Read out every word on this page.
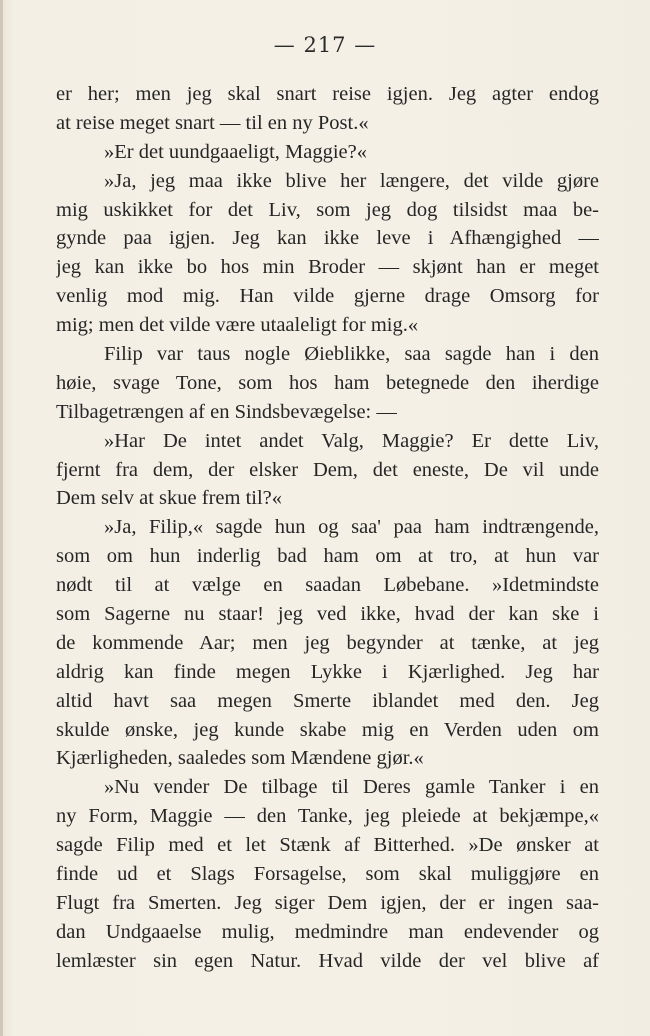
— 217 —
er her; men jeg skal snart reise igjen. Jeg agter endog
at reise meget snart — til en ny Post.«
»Er det uundgaaeligt, Maggie?«
»Ja, jeg maa ikke blive her længere, det vilde gjøre
mig uskikket for det Liv, som jeg dog tilsidst maa be-
gynde paa igjen. Jeg kan ikke leve i Afhængighed —
jeg kan ikke bo hos min Broder — skjønt han er meget
venlig mod mig. Han vilde gjerne drage Omsorg for
mig; men det vilde være utaaleligt for mig.«
Filip var taus nogle Øieblikke, saa sagde han i den
høie, svage Tone, som hos ham betegnede den iherdige
Tilbagetrængen af en Sindsbevægelse: —
»Har De intet andet Valg, Maggie? Er dette Liv,
fjernt fra dem, der elsker Dem, det eneste, De vil unde
Dem selv at skue frem til?«
»Ja, Filip,« sagde hun og saa' paa ham indtrængende,
som om hun inderlig bad ham om at tro, at hun var
nødt til at vælge en saadan Løbebane. »Idetmindste
som Sagerne nu staar! jeg ved ikke, hvad der kan ske i
de kommende Aar; men jeg begynder at tænke, at jeg
aldrig kan finde megen Lykke i Kjærlighed. Jeg har
altid havt saa megen Smerte iblandet med den. Jeg
skulde ønske, jeg kunde skabe mig en Verden uden om
Kjærligheden, saaledes som Mændene gjør.«
»Nu vender De tilbage til Deres gamle Tanker i en
ny Form, Maggie — den Tanke, jeg pleiede at bekjæmpe,«
sagde Filip med et let Stænk af Bitterhed. »De ønsker at
finde ud et Slags Forsagelse, som skal muliggjøre en
Flugt fra Smerten. Jeg siger Dem igjen, der er ingen saa-
dan Undgaaelse mulig, medmindre man endevender og
lemlæster sin egen Natur. Hvad vilde der vel blive af
